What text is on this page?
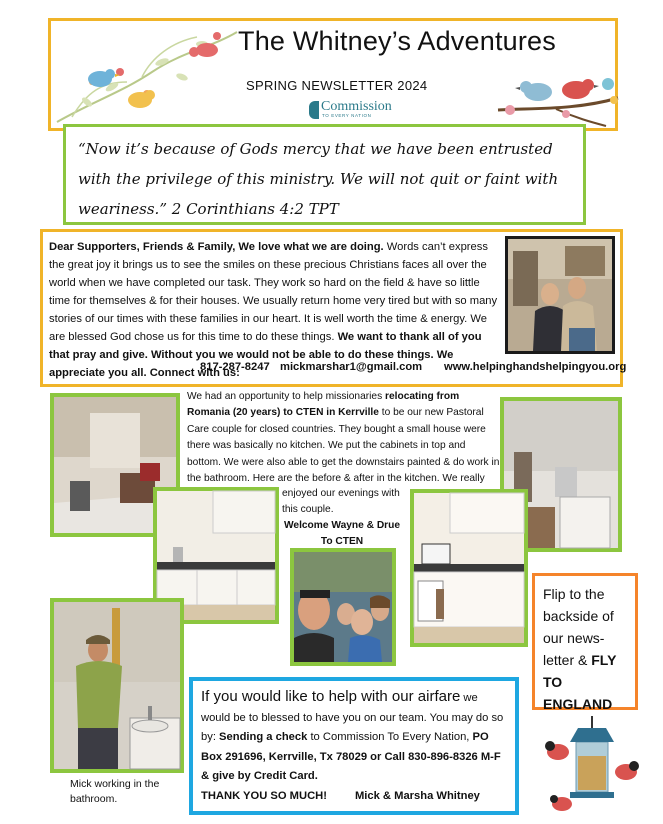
The Whitney’s Adventures
SPRING NEWSLETTER 2024
Commission
TO EVERY NATION
“Now it’s because of Gods mercy that we have been entrusted with the privilege of this ministry. We will not quit or faint with weariness.” 2 Corinthians 4:2 TPT
Dear Supporters, Friends & Family, We love what we are doing. Words can’t express the great joy it brings us to see the smiles on these precious Christians faces all over the world when we have completed our task. They work so hard on the field & have so little time for themselves & for their houses. We usually return home very tired but with so many stories of our times with these families in our heart. It is well worth the time & energy. We are blessed God chose us for this time to do these things. We want to thank all of you that pray and give. Without you we would not be able to do these things. We appreciate you all. Connect with us:
817-287-8247 mickmarshar1@gmail.com www.helpinghandshelpingyou.org
We had an opportunity to help missionaries relocating from Romania (20 years) to CTEN in Kerrville to be our new Pastoral Care couple for closed countries. They bought a small house were there was basically no kitchen. We put the cabinets in top and bottom. We were also able to get the downstairs painted & do work in the bathroom. Here are the before & after in the kitchen. We really
enjoyed our evenings with this couple.
Welcome Wayne & Drue To CTEN
Mick working in the bathroom.
Flip to the backside of our news-letter & FLY TO ENGLAND
If you would like to help with our airfare we would be to blessed to have you on our team. You may do so by: Sending a check to Commission To Every Nation, PO Box 291696, Kerrville, Tx 78029 or Call 830-896-8326 M-F & give by Credit Card.
THANK YOU SO MUCH! Mick & Marsha Whitney
